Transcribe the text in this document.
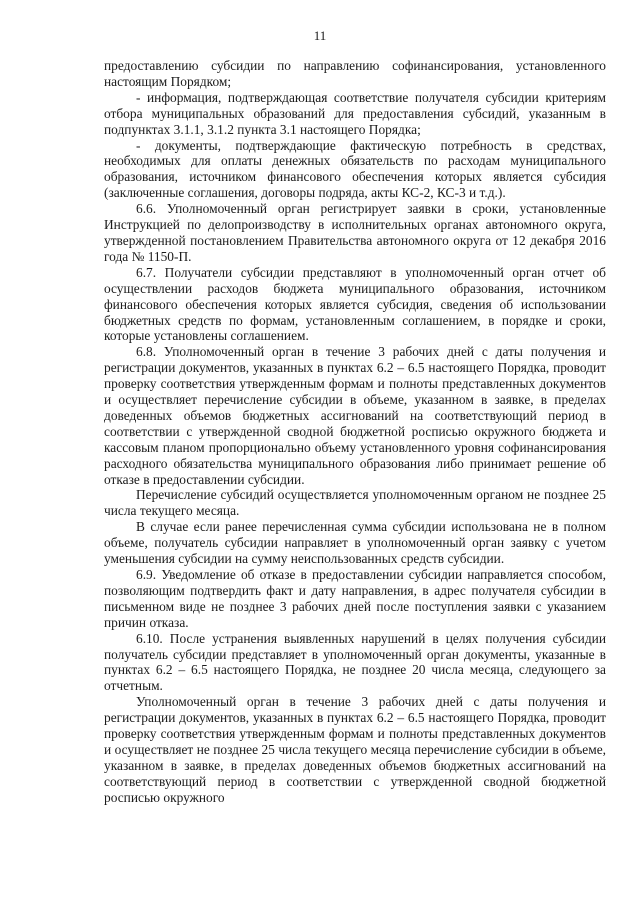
11

предоставлению субсидии по направлению софинансирования, установленного настоящим Порядком;

- информация, подтверждающая соответствие получателя субсидии критериям отбора муниципальных образований для предоставления субсидий, указанным в подпунктах 3.1.1, 3.1.2 пункта 3.1 настоящего Порядка;

- документы, подтверждающие фактическую потребность в средствах, необходимых для оплаты денежных обязательств по расходам муниципального образования, источником финансового обеспечения которых является субсидия (заключенные соглашения, договоры подряда, акты КС-2, КС-3 и т.д.).

6.6. Уполномоченный орган регистрирует заявки в сроки, установленные Инструкцией по делопроизводству в исполнительных органах автономного округа, утвержденной постановлением Правительства автономного округа от 12 декабря 2016 года № 1150-П.

6.7. Получатели субсидии представляют в уполномоченный орган отчет об осуществлении расходов бюджета муниципального образования, источником финансового обеспечения которых является субсидия, сведения об использовании бюджетных средств по формам, установленным соглашением, в порядке и сроки, которые установлены соглашением.

6.8. Уполномоченный орган в течение 3 рабочих дней с даты получения и регистрации документов, указанных в пунктах 6.2 – 6.5 настоящего Порядка, проводит проверку соответствия утвержденным формам и полноты представленных документов и осуществляет перечисление субсидии в объеме, указанном в заявке, в пределах доведенных объемов бюджетных ассигнований на соответствующий период в соответствии с утвержденной сводной бюджетной росписью окружного бюджета и кассовым планом пропорционально объему установленного уровня софинансирования расходного обязательства муниципального образования либо принимает решение об отказе в предоставлении субсидии.

Перечисление субсидий осуществляется уполномоченным органом не позднее 25 числа текущего месяца.

В случае если ранее перечисленная сумма субсидии использована не в полном объеме, получатель субсидии направляет в уполномоченный орган заявку с учетом уменьшения субсидии на сумму неиспользованных средств субсидии.

6.9. Уведомление об отказе в предоставлении субсидии направляется способом, позволяющим подтвердить факт и дату направления, в адрес получателя субсидии в письменном виде не позднее 3 рабочих дней после поступления заявки с указанием причин отказа.

6.10. После устранения выявленных нарушений в целях получения субсидии получатель субсидии представляет в уполномоченный орган документы, указанные в пунктах 6.2 – 6.5 настоящего Порядка, не позднее 20 числа месяца, следующего за отчетным.

Уполномоченный орган в течение 3 рабочих дней с даты получения и регистрации документов, указанных в пунктах 6.2 – 6.5 настоящего Порядка, проводит проверку соответствия утвержденным формам и полноты представленных документов и осуществляет не позднее 25 числа текущего месяца перечисление субсидии в объеме, указанном в заявке, в пределах доведенных объемов бюджетных ассигнований на соответствующий период в соответствии с утвержденной сводной бюджетной росписью окружного
